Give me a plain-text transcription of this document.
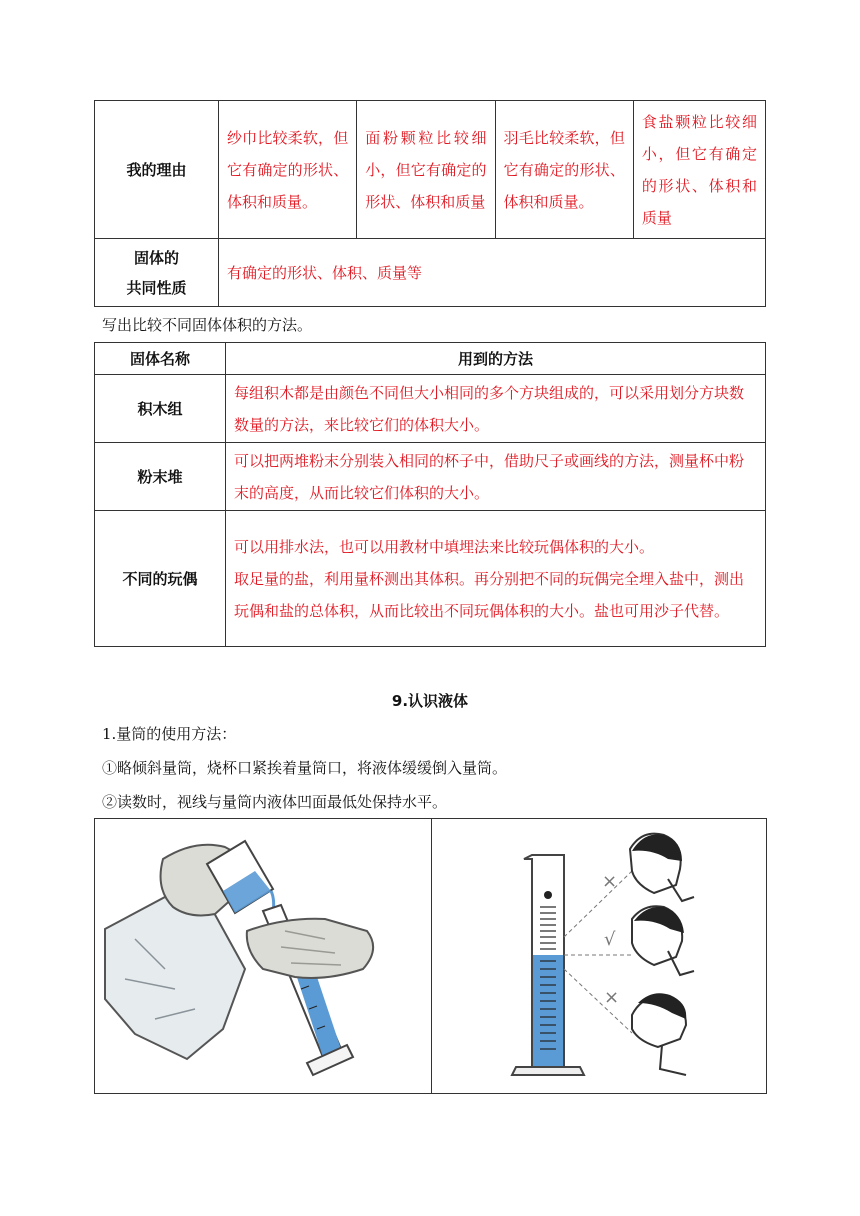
我的理由	纱巾比较柔软，但它有确定的形状、体积和质量。	面粉颗粒比较细小，但它有确定的形状、体积和质量	羽毛比较柔软，但它有确定的形状、体积和质量。	食盐颗粒比较细小，但它有确定的形状、体积和质量
固体的
共同性质	有确定的形状、体积、质量等			
写出比较不同固体体积的方法。
固体名称	用到的方法
积木组	每组积木都是由颜色不同但大小相同的多个方块组成的，可以采用划分方块数数量的方法，来比较它们的体积大小。
粉末堆	可以把两堆粉末分别装入相同的杯子中，借助尺子或画线的方法，测量杯中粉末的高度，从而比较它们体积的大小。
不同的玩偶	可以用排水法，也可以用教材中填埋法来比较玩偶体积的大小。
取足量的盐，利用量杯测出其体积。再分别把不同的玩偶完全埋入盐中，测出玩偶和盐的总体积，从而比较出不同玩偶体积的大小。盐也可用沙子代替。
9.认识液体
1.量筒的使用方法：
①略倾斜量筒，烧杯口紧挨着量筒口，将液体缓缓倒入量筒。
②读数时，视线与量筒内液体凹面最低处保持水平。

×
√
×
